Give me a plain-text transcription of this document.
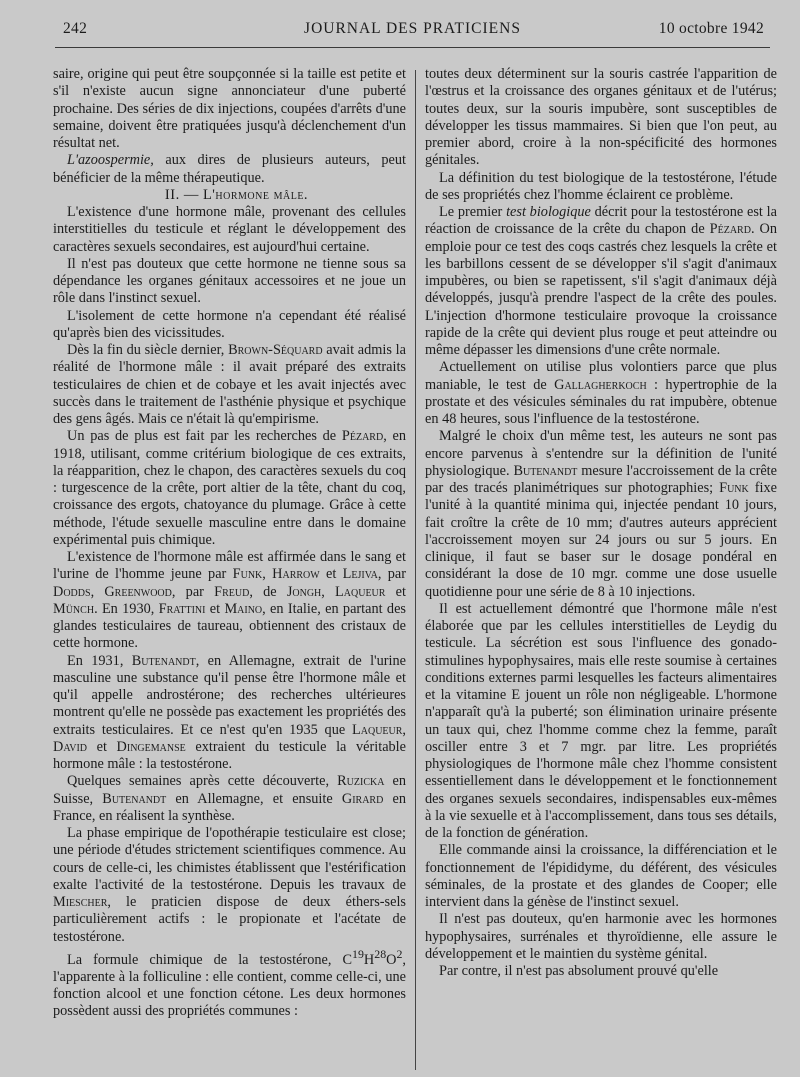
242	JOURNAL DES PRATICIENS	10 octobre 1942

saire, origine qui peut être soupçonnée si la taille est petite et s'il n'existe aucun signe annonciateur d'une puberté prochaine. Des séries de dix injections, coupées d'arrêts d'une semaine, doivent être pratiquées jusqu'à déclenchement d'un résultat net.

L'azoospermie, aux dires de plusieurs auteurs, peut bénéficier de la même thérapeutique.

II. — L'hormone mâle.

L'existence d'une hormone mâle, provenant des cellules interstitielles du testicule et réglant le développement des caractères sexuels secondaires, est aujourd'hui certaine.

Il n'est pas douteux que cette hormone ne tienne sous sa dépendance les organes génitaux accessoires et ne joue un rôle dans l'instinct sexuel.

L'isolement de cette hormone n'a cependant été réalisé qu'après bien des vicissitudes.

Dès la fin du siècle dernier, Brown-Séquard avait admis la réalité de l'hormone mâle : il avait préparé des extraits testiculaires de chien et de cobaye et les avait injectés avec succès dans le traitement de l'asthénie physique et psychique des gens âgés. Mais ce n'était là qu'empirisme.

Un pas de plus est fait par les recherches de Pézard, en 1918, utilisant, comme critérium biologique de ces extraits, la réapparition, chez le chapon, des caractères sexuels du coq : turgescence de la crête, port altier de la tête, chant du coq, croissance des ergots, chatoyance du plumage. Grâce à cette méthode, l'étude sexuelle masculine entre dans le domaine expérimental puis chimique.

L'existence de l'hormone mâle est affirmée dans le sang et l'urine de l'homme jeune par Funk, Harrow et Lejiva, par Dodds, Greenwood, par Freud, de Jongh, Laqueur et Münch. En 1930, Frattini et Maino, en Italie, en partant des glandes testiculaires de taureau, obtiennent des cristaux de cette hormone.

En 1931, Butenandt, en Allemagne, extrait de l'urine masculine une substance qu'il pense être l'hormone mâle et qu'il appelle androstérone; des recherches ultérieures montrent qu'elle ne possède pas exactement les propriétés des extraits testiculaires. Et ce n'est qu'en 1935 que Laqueur, David et Dingemanse extraient du testicule la véritable hormone mâle : la testostérone.

Quelques semaines après cette découverte, Ruzicka en Suisse, Butenandt en Allemagne, et ensuite Girard en France, en réalisent la synthèse.

La phase empirique de l'opothérapie testiculaire est close; une période d'études strictement scientifiques commence. Au cours de celle-ci, les chimistes établissent que l'estérification exalte l'activité de la testostérone. Depuis les travaux de Miescher, le praticien dispose de deux éthers-sels particulièrement actifs : le propionate et l'acétate de testostérone.

La formule chimique de la testostérone, $C^{19}H^{28}O^2$, l'apparente à la folliculine : elle contient, comme celle-ci, une fonction alcool et une fonction cétone. Les deux hormones possèdent aussi des propriétés communes :

toutes deux déterminent sur la souris castrée l'apparition de l'œstrus et la croissance des organes génitaux et de l'utérus; toutes deux, sur la souris impubère, sont susceptibles de développer les tissus mammaires. Si bien que l'on peut, au premier abord, croire à la non-spécificité des hormones génitales.

La définition du test biologique de la testostérone, l'étude de ses propriétés chez l'homme éclairent ce problème.

Le premier test biologique décrit pour la testostérone est la réaction de croissance de la crête du chapon de Pézard. On emploie pour ce test des coqs castrés chez lesquels la crête et les barbillons cessent de se développer s'il s'agit d'animaux impubères, ou bien se rapetissent, s'il s'agit d'animaux déjà développés, jusqu'à prendre l'aspect de la crête des poules. L'injection d'hormone testiculaire provoque la croissance rapide de la crête qui devient plus rouge et peut atteindre ou même dépasser les dimensions d'une crête normale.

Actuellement on utilise plus volontiers parce que plus maniable, le test de Gallagherkoch : hypertrophie de la prostate et des vésicules séminales du rat impubère, obtenue en 48 heures, sous l'influence de la testostérone.

Malgré le choix d'un même test, les auteurs ne sont pas encore parvenus à s'entendre sur la définition de l'unité physiologique. Butenandt mesure l'accroissement de la crête par des tracés planimétriques sur photographies; Funk fixe l'unité à la quantité minima qui, injectée pendant 10 jours, fait croître la crête de 10 mm; d'autres auteurs apprécient l'accroissement moyen sur 24 jours ou sur 5 jours. En clinique, il faut se baser sur le dosage pondéral en considérant la dose de 10 mgr. comme une dose usuelle quotidienne pour une série de 8 à 10 injections.

Il est actuellement démontré que l'hormone mâle n'est élaborée que par les cellules interstitielles de Leydig du testicule. La sécrétion est sous l'influence des gonado-stimulines hypophysaires, mais elle reste soumise à certaines conditions externes parmi lesquelles les facteurs alimentaires et la vitamine E jouent un rôle non négligeable. L'hormone n'apparaît qu'à la puberté; son élimination urinaire présente un taux qui, chez l'homme comme chez la femme, paraît osciller entre 3 et 7 mgr. par litre. Les propriétés physiologiques de l'hormone mâle chez l'homme consistent essentiellement dans le développement et le fonctionnement des organes sexuels secondaires, indispensables eux-mêmes à la vie sexuelle et à l'accomplissement, dans tous ses détails, de la fonction de génération.

Elle commande ainsi la croissance, la différenciation et le fonctionnement de l'épididyme, du déférent, des vésicules séminales, de la prostate et des glandes de Cooper; elle intervient dans la génèse de l'instinct sexuel.

Il n'est pas douteux, qu'en harmonie avec les hormones hypophysaires, surrénales et thyroïdienne, elle assure le développement et le maintien du système génital.

Par contre, il n'est pas absolument prouvé qu'elle
